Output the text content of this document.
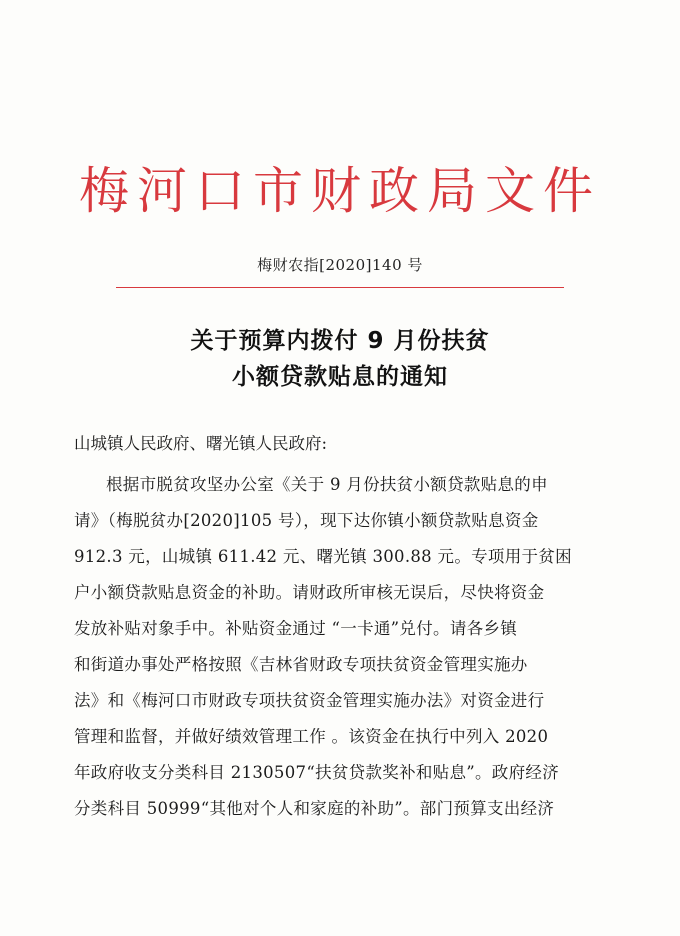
梅河口市财政局文件
梅财农指[2020]140 号
关于预算内拨付 9 月份扶贫
小额贷款贴息的通知
山城镇人民政府、曙光镇人民政府:
根据市脱贫攻坚办公室《关于 9 月份扶贫小额贷款贴息的申
请》（梅脱贫办[2020]105 号），现下达你镇小额贷款贴息资金
912.3 元，山城镇 611.42 元、曙光镇 300.88 元。专项用于贫困
户小额贷款贴息资金的补助。请财政所审核无误后，尽快将资金
发放补贴对象手中。补贴资金通过 “一卡通”兑付。请各乡镇
和街道办事处严格按照《吉林省财政专项扶贫资金管理实施办
法》和《梅河口市财政专项扶贫资金管理实施办法》对资金进行
管理和监督，并做好绩效管理工作 。该资金在执行中列入 2020
年政府收支分类科目 2130507“扶贫贷款奖补和贴息”。政府经济
分类科目 50999“其他对个人和家庭的补助”。部门预算支出经济
